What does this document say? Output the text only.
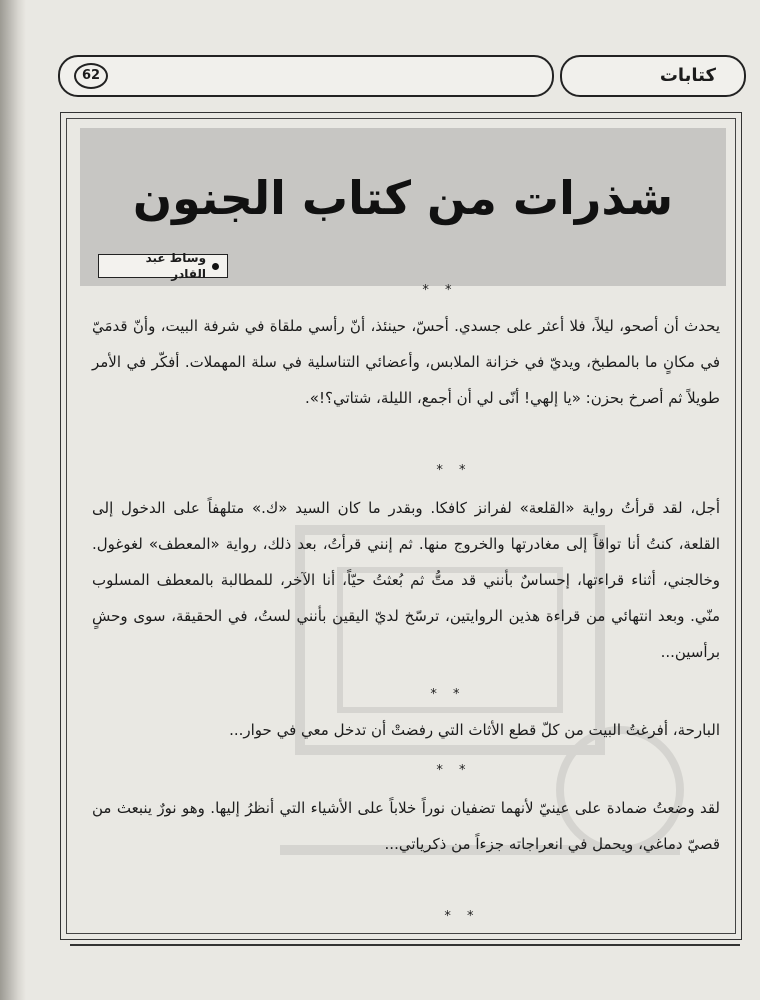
62	كتابات
شذرات من كتاب الجنون
وساط عبد القادر
* *

يحدث أن أصحو، ليلاً، فلا أعثر على جسدي. أحسّ، حينئذ، أنّ رأسي ملقاة في شرفة البيت، وأنّ قدمَيّ في مكانٍ ما بالمطبخ، ويديّ في خزانة الملابس، وأعضائي التناسلية في سلة المهملات. أفكّر في الأمر طويلاً ثم أصرخ بحزن: «يا إلهي! أنّى لي أن أجمع، الليلة، شتاتي؟!».

* *

أجل، لقد قرأتُ رواية «القلعة» لفرانز كافكا. وبقدر ما كان السيد «ك.» متلهفاً على الدخول إلى القلعة، كنتُ أنا تواقاً إلى مغادرتها والخروج منها. ثم إنني قرأتُ، بعد ذلك، رواية «المعطف» لغوغول. وخالجني، أثناء قراءتها، إحساسٌ بأنني قد متُّ ثم بُعثتُ حيّاً، أنا الآخر، للمطالبة بالمعطف المسلوب منّي. وبعد انتهائي من قراءة هذين الروايتين، ترسّخ لديّ اليقين بأنني لستُ، في الحقيقة، سوى وحشٍ برأسين...

* *

البارحة، أفرغتُ البيت من كلّ قطع الأثاث التي رفضتْ أن تدخل معي في حوار...

* *

لقد وضعتُ ضمادة على عينيّ لأنهما تضفيان نوراً خلاباً على الأشياء التي أنظرُ إليها. وهو نورٌ ينبعث من قصيّ دماغي، ويحمل في انعراجاته جزءاً من ذكرياتي...

* *
